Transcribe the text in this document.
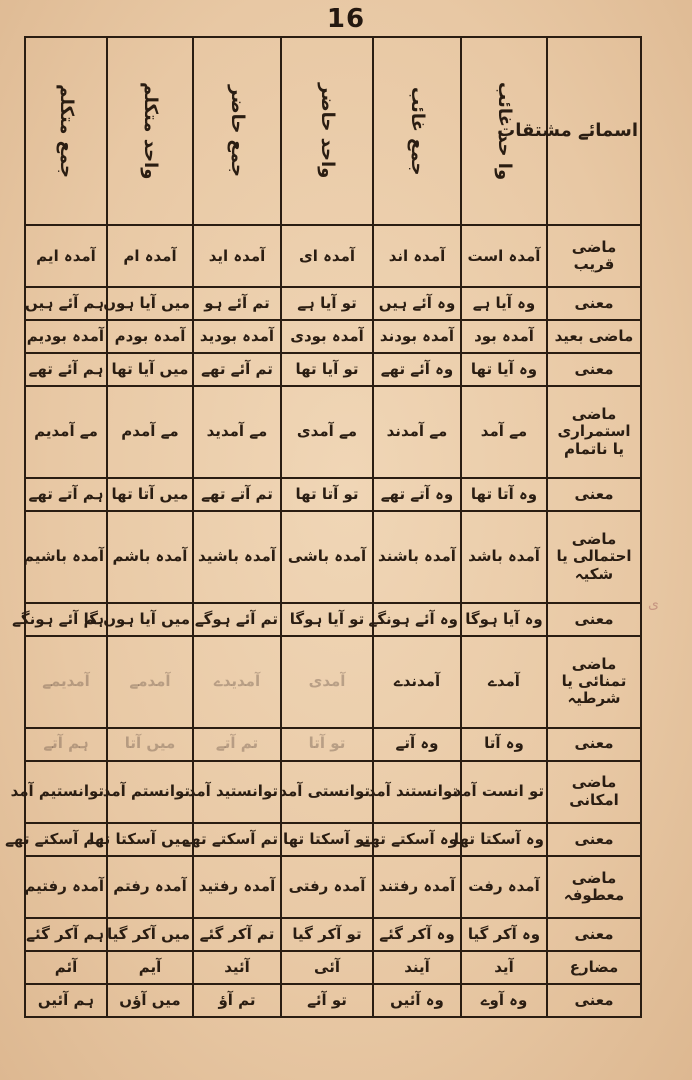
16
اسمائے مشتقات	وا حد غائب	جمع غائب	واحد حاضر	جمع حاضر	واحد متکلم	جمع متکلم
ماضی قریب	آمدہ است	آمدہ اند	آمدہ ای	آمدہ اید	آمدہ ام	آمدہ ایم
معنی	وہ آیا ہے	وہ آئے ہیں	تو آیا ہے	تم آئے ہو	میں آیا ہوں	ہم آئے ہیں
ماضی بعید	آمدہ بود	آمدہ بودند	آمدہ بودی	آمدہ بودید	آمدہ بودم	آمدہ بودیم
معنی	وہ آیا تھا	وہ آئے تھے	تو آیا تھا	تم آئے تھے	میں آیا تھا	ہم آئے تھے
ماضی استمراری یا ناتمام	مے آمد	مے آمدند	مے آمدی	مے آمدید	مے آمدم	مے آمدیم
معنی	وہ آتا تھا	وہ آتے تھے	تو آتا تھا	تم آتے تھے	میں آتا تھا	ہم آتے تھے
ماضی احتمالی یا شکیہ	آمدہ باشد	آمدہ باشند	آمدہ باشی	آمدہ باشید	آمدہ باشم	آمدہ باشیم
معنی	وہ آیا ہوگا	وہ آئے ہونگے	تو آیا ہوگا	تم آئے ہوگے	میں آیا ہوں گا	ہم آئے ہونگے
ماضی تمنائی یا شرطیہ	آمدے	آمدندے	آمدی	آمدیدے	آمدمے	آمدیمے
معنی	وہ آتا	وہ آتے	تو آتا	تم آتے	میں آتا	ہم آتے
ماضی امکانی	تو انست آمد	توانستند آمد	توانستی آمد	توانستید آمد	توانستم آمد	توانستیم آمد
معنی	وہ آسکتا تھا	وہ آسکتے تھے	تو آسکتا تھا	تم آسکتے تھے	میں آسکتا تھا	ہم آسکتے تھے
ماضی معطوفہ	آمدہ رفت	آمدہ رفتند	آمدہ رفتی	آمدہ رفتید	آمدہ رفتم	آمدہ رفتیم
معنی	وہ آکر گیا	وہ آکر گئے	تو آکر گیا	تم آکر گئے	میں آکر گیا	ہم آکر گئے
مضارع	آید	آیند	آئی	آئید	آیم	آئم
معنی	وہ آوے	وہ آئیں	تو آئے	تم آؤ	میں آؤں	ہم آئیں
ی
